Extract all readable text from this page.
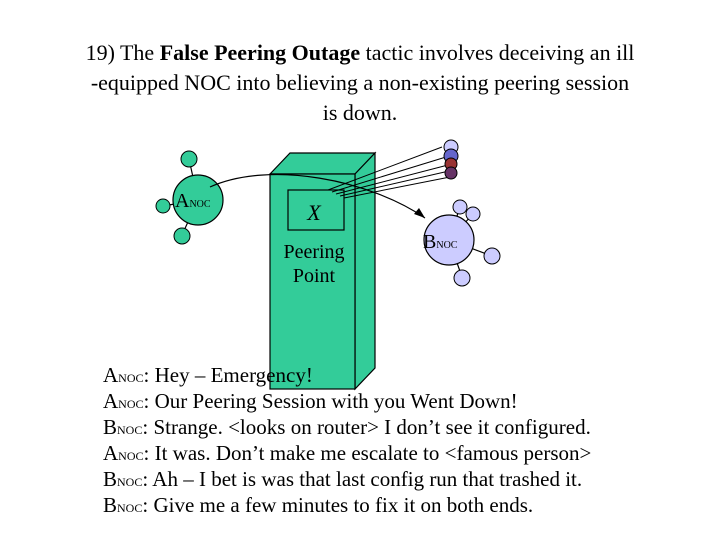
19) The False Peering Outage tactic involves deceiving an ill
-equipped NOC into believing a non-existing peering session
is down.
ANOC
BNOC
X
Peering
Point
ANOC: Hey – Emergency!
ANOC: Our Peering Session with you Went Down!
BNOC: Strange. <looks on router> I don’t see it configured.
ANOC: It was. Don’t make me escalate to <famous person>
BNOC: Ah – I bet is was that last config run that trashed it.
BNOC: Give me a few minutes to fix it on both ends.
